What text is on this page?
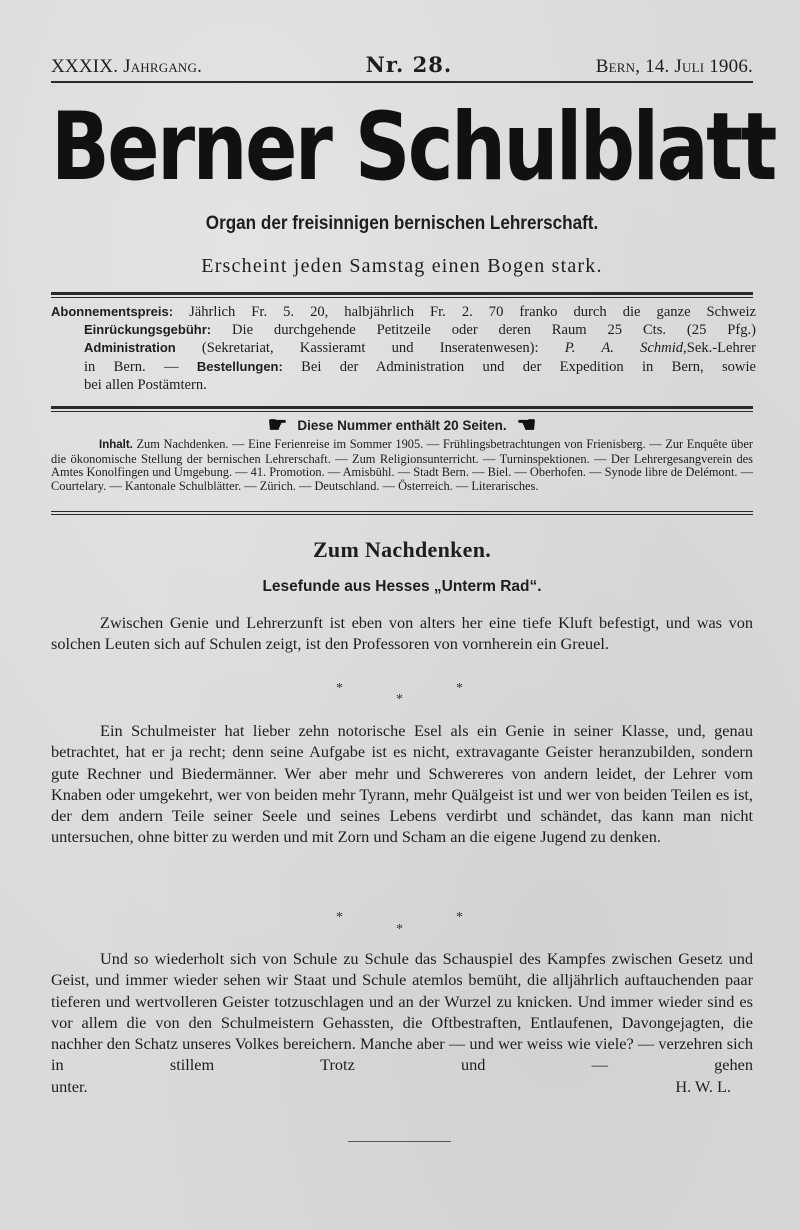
XXXIX. Jahrgang.	Nr. 28.	Bern, 14. Juli 1906.
Berner Schulblatt
Organ der freisinnigen bernischen Lehrerschaft.
Erscheint jeden Samstag einen Bogen stark.

Abonnementspreis: Jährlich Fr. 5. 20, halbjährlich Fr. 2. 70 franko durch die ganze Schweiz

Einrückungsgebühr: Die durchgehende Petitzeile oder deren Raum 25 Cts. (25 Pfg.)

Administration (Sekretariat, Kassieramt und Inseratenwesen): P. A. Schmid,Sek.-Lehrer

in Bern. — Bestellungen: Bei der Administration und der Expedition in Bern, sowie

bei allen Postämtern.

☛ Diese Nummer enthält 20 Seiten. ☚

Inhalt. Zum Nachdenken. — Eine Ferienreise im Sommer 1905. — Frühlingsbetrachtungen von Frienisberg. — Zur Enquête über die ökonomische Stellung der bernischen Lehrerschaft. — Zum Religionsunterricht. — Turninspektionen. — Der Lehrergesangverein des Amtes Konolfingen und Umgebung. — 41. Promotion. — Amisbühl. — Stadt Bern. — Biel. — Oberhofen. — Synode libre de Delémont. — Courtelary. — Kantonale Schulblätter. — Zürich. — Deutschland. — Österreich. — Literarisches.

Zum Nachdenken.
Lesefunde aus Hesses „Unterm Rad“.

Zwischen Genie und Lehrerzunft ist eben von alters her eine tiefe Kluft befestigt, und was von solchen Leuten sich auf Schulen zeigt, ist den Professoren von vornherein ein Greuel.

*	*
*

Ein Schulmeister hat lieber zehn notorische Esel als ein Genie in seiner Klasse, und, genau betrachtet, hat er ja recht; denn seine Aufgabe ist es nicht, extravagante Geister heranzubilden, sondern gute Rechner und Biedermänner. Wer aber mehr und Schwereres von andern leidet, der Lehrer vom Knaben oder umgekehrt, wer von beiden mehr Tyrann, mehr Quälgeist ist und wer von beiden Teilen es ist, der dem andern Teile seiner Seele und seines Lebens verdirbt und schändet, das kann man nicht untersuchen, ohne bitter zu werden und mit Zorn und Scham an die eigene Jugend zu denken.

*	*
*

Und so wiederholt sich von Schule zu Schule das Schauspiel des Kampfes zwischen Gesetz und Geist, und immer wieder sehen wir Staat und Schule atemlos bemüht, die alljährlich auftauchenden paar tieferen und wertvolleren Geister totzuschlagen und an der Wurzel zu knicken. Und immer wieder sind es vor allem die von den Schulmeistern Gehassten, die Oftbestraften, Entlaufenen, Davongejagten, die nachher den Schatz unseres Volkes bereichern. Manche aber — und wer weiss wie viele? — verzehren sich in stillem Trotz und — gehen

unter.	H. W. L.
